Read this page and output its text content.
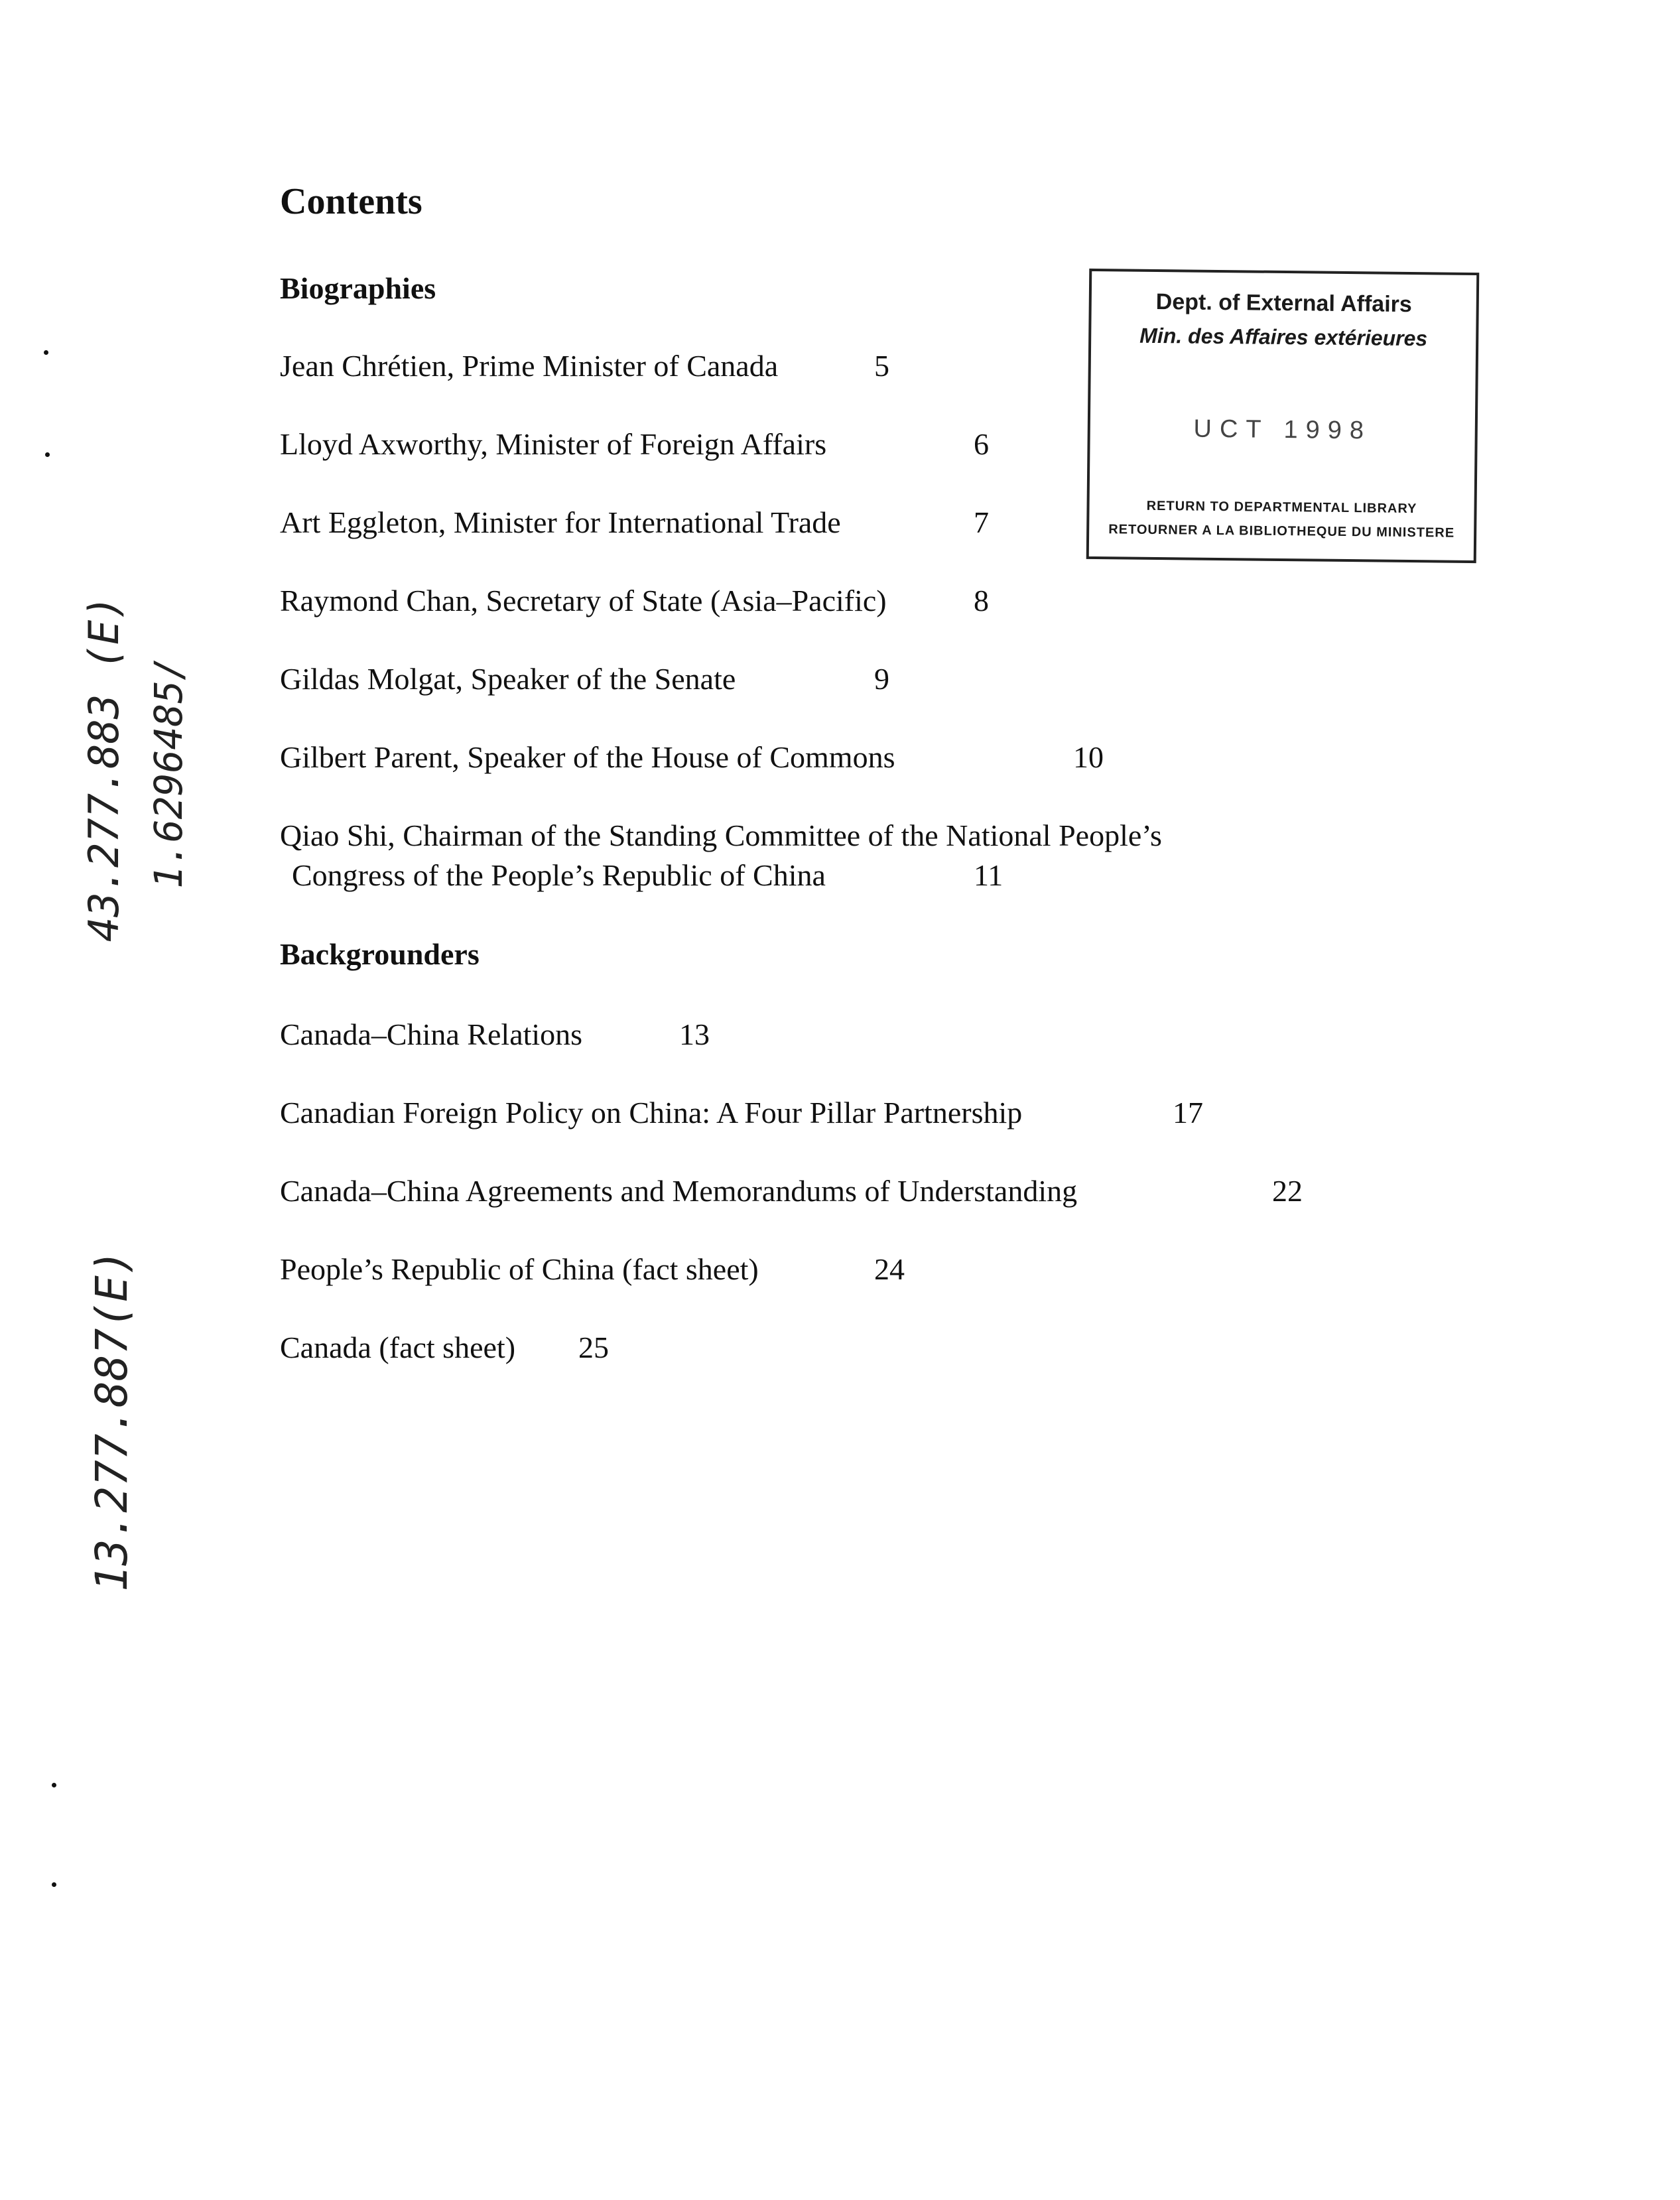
Contents
Biographies
Jean Chrétien, Prime Minister of Canada	5
Lloyd Axworthy, Minister of Foreign Affairs	6
Art Eggleton, Minister for International Trade	7
Raymond Chan, Secretary of State (Asia–Pacific)	8
Gildas Molgat, Speaker of the Senate	9
Gilbert Parent, Speaker of the House of Commons	10
Qiao Shi, Chairman of the Standing Committee of the National People’s
Congress of the People’s Republic of China	11
Backgrounders
Canada–China Relations	13
Canadian Foreign Policy on China: A Four Pillar Partnership	17
Canada–China Agreements and Memorandums of Understanding	22
People’s Republic of China (fact sheet)	24
Canada (fact sheet) 25
Dept. of External Affairs
Min. des Affaires extérieures
UCT 1998
RETURN TO DEPARTMENTAL LIBRARY
RETOURNER A LA BIBLIOTHEQUE DU MINISTERE
43.277.883 (E) 1.6296485/
13.277.887(E)
